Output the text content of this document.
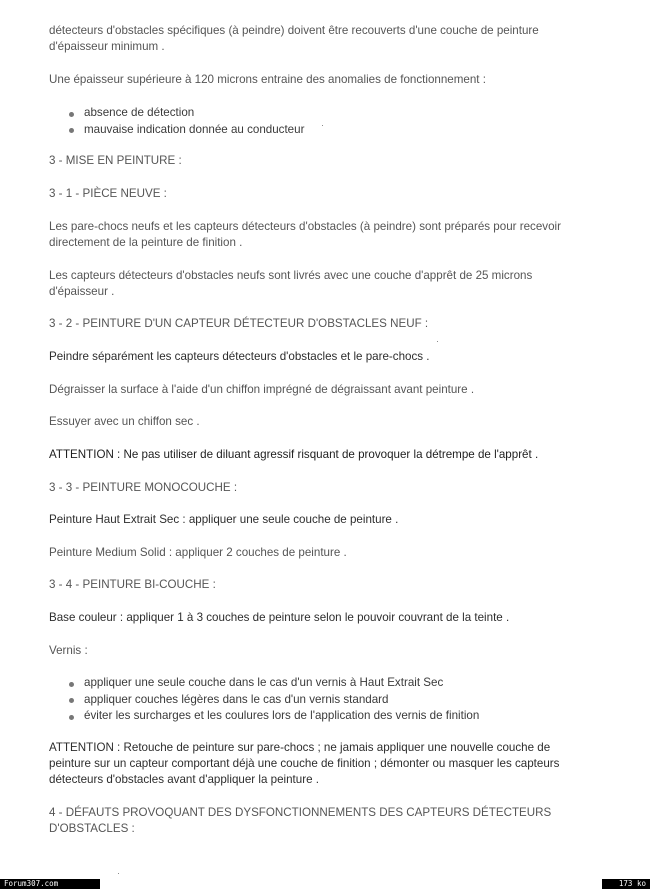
détecteurs d'obstacles spécifiques (à peindre) doivent être recouverts d'une couche de peinture

d'épaisseur minimum .

Une épaisseur supérieure à 120 microns entraine des anomalies de fonctionnement :

absence de détection
mauvaise indication donnée au conducteur

3 - MISE EN PEINTURE :

3 - 1 - PIÈCE NEUVE :

Les pare-chocs neufs et les capteurs détecteurs d'obstacles (à peindre) sont préparés pour recevoir

directement de la peinture de finition .

Les capteurs détecteurs d'obstacles neufs sont livrés avec une couche d'apprêt de 25 microns

d'épaisseur .

3 - 2 - PEINTURE D'UN CAPTEUR DÉTECTEUR D'OBSTACLES NEUF :

Peindre séparément les capteurs détecteurs d'obstacles et le pare-chocs .

Dégraisser la surface à l'aide d'un chiffon imprégné de dégraissant avant peinture .

Essuyer avec un chiffon sec .

ATTENTION : Ne pas utiliser de diluant agressif risquant de provoquer la détrempe de l'apprêt .

3 - 3 - PEINTURE MONOCOUCHE :

Peinture Haut Extrait Sec : appliquer une seule couche de peinture .

Peinture Medium Solid : appliquer 2 couches de peinture .

3 - 4 - PEINTURE BI-COUCHE :

Base couleur : appliquer 1 à 3 couches de peinture selon le pouvoir couvrant de la teinte .

Vernis :

appliquer une seule couche dans le cas d'un vernis à Haut Extrait Sec
appliquer couches légères dans le cas d'un vernis standard
éviter les surcharges et les coulures lors de l'application des vernis de finition

ATTENTION : Retouche de peinture sur pare-chocs ; ne jamais appliquer une nouvelle couche de

peinture sur un capteur comportant déjà une couche de finition ; démonter ou masquer les capteurs

détecteurs d'obstacles avant d'appliquer la peinture .

4 - DÉFAUTS PROVOQUANT DES DYSFONCTIONNEMENTS DES CAPTEURS DÉTECTEURS

D'OBSTACLES :

Forum307.com	173 ko
